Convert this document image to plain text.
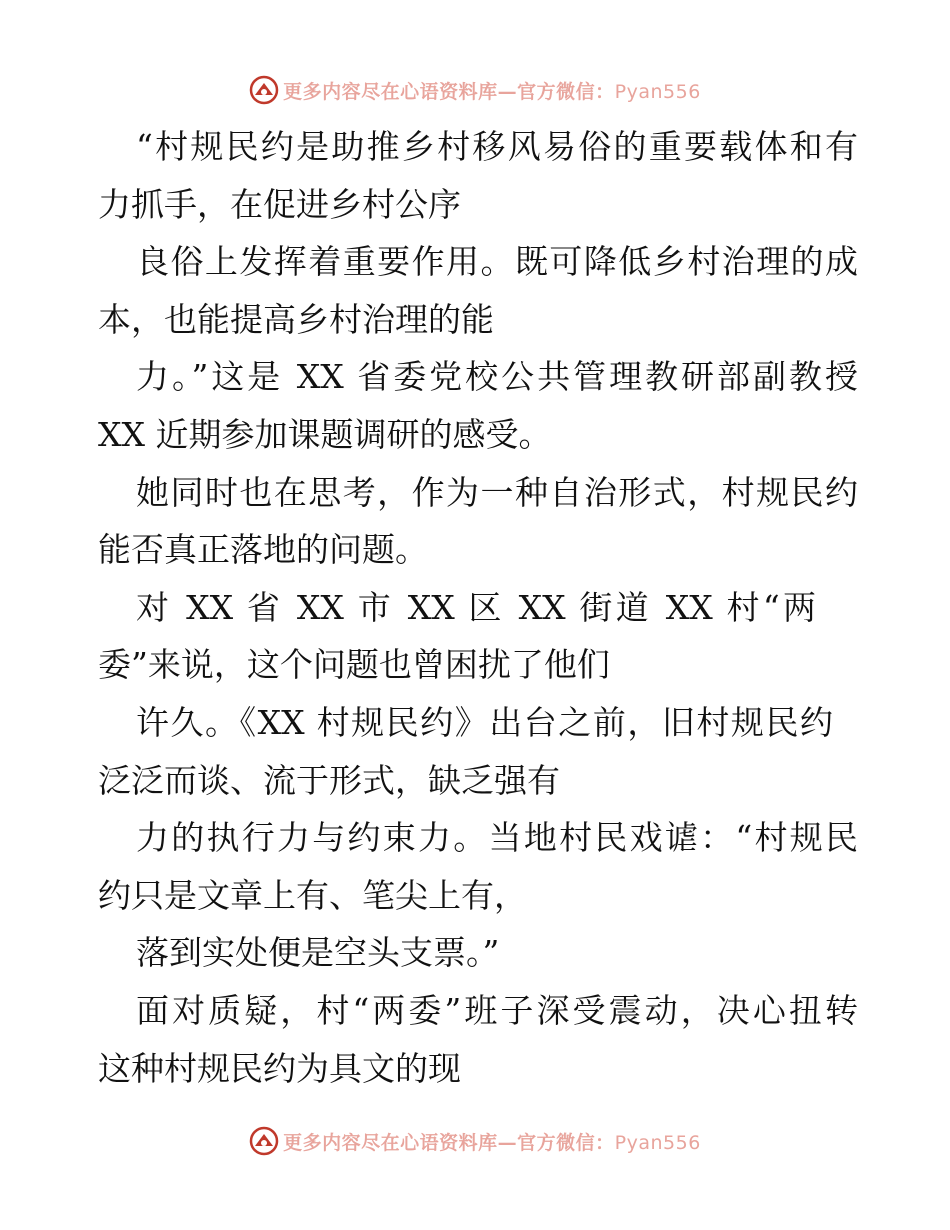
更多内容尽在心语资料库—官方微信：Pyan556
“村规民约是助推乡村移风易俗的重要载体和有
力抓手，在促进乡村公序
良俗上发挥着重要作用。既可降低乡村治理的成
本，也能提高乡村治理的能
力。”这是 XX 省委党校公共管理教研部副教授
XX 近期参加课题调研的感受。
她同时也在思考，作为一种自治形式，村规民约
能否真正落地的问题。
对 XX 省 XX 市 XX 区 XX 街道 XX 村“两
委”来说，这个问题也曾困扰了他们
许久。《XX 村规民约》出台之前，旧村规民约
泛泛而谈、流于形式，缺乏强有
力的执行力与约束力。当地村民戏谑：“村规民
约只是文章上有、笔尖上有，
落到实处便是空头支票。”
面对质疑，村“两委”班子深受震动，决心扭转
这种村规民约为具文的现
更多内容尽在心语资料库—官方微信：Pyan556
